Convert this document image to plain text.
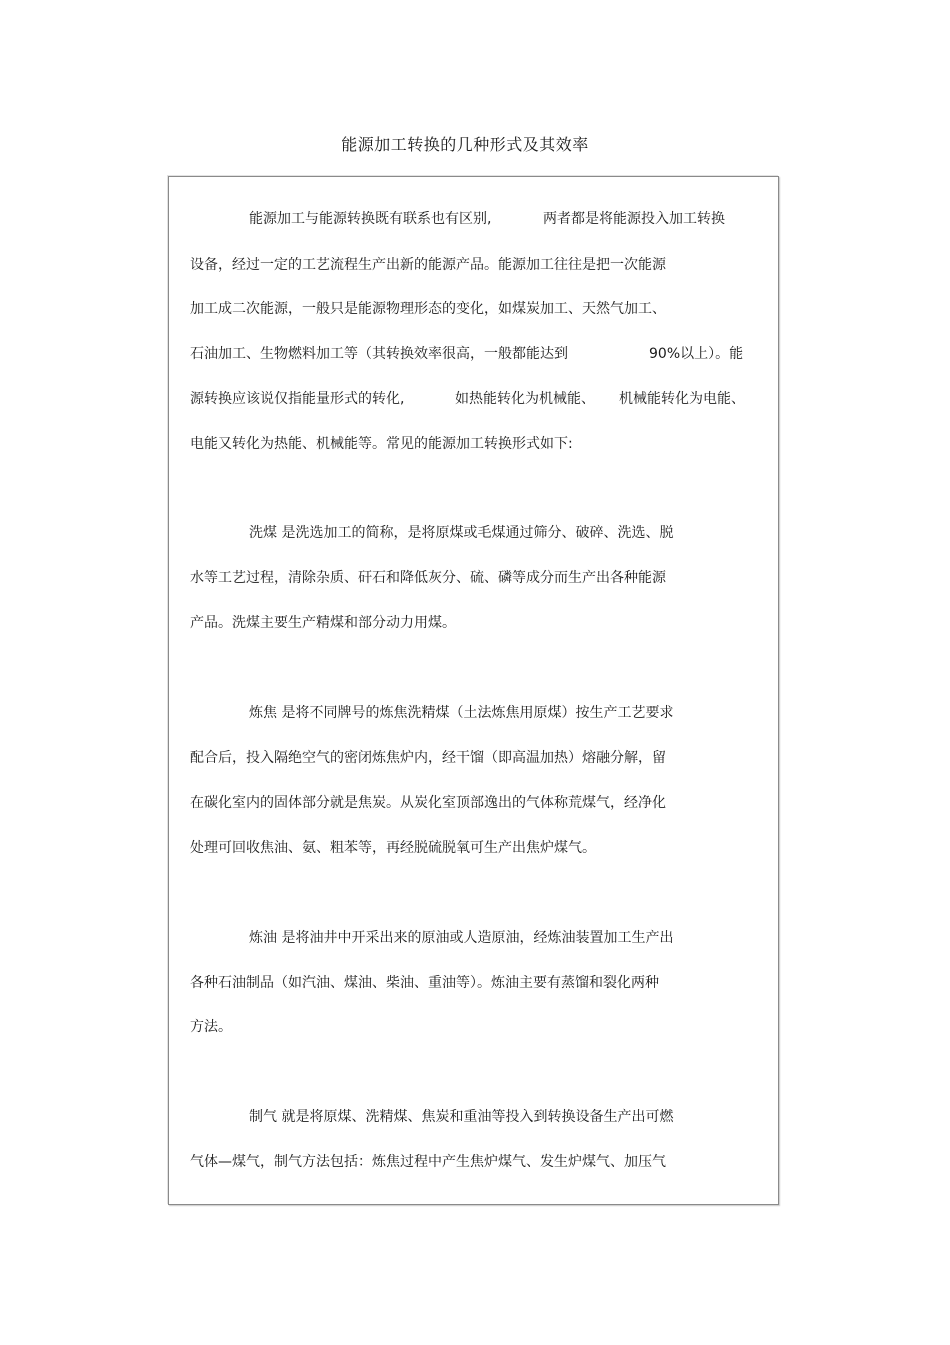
能源加工转换的几种形式及其效率
能源加工与能源转换既有联系也有区别,	两者都是将能源投入加工转换
设备，经过一定的工艺流程生产出新的能源产品。能源加工往往是把一次能源
加工成二次能源，一般只是能源物理形态的变化，如煤炭加工、天然气加工、
石油加工、生物燃料加工等（其转换效率很高，一般都能达到	90%以上）。能
源转换应该说仅指能量形式的转化,	如热能转化为机械能、 机械能转化为电能、
电能又转化为热能、机械能等。常见的能源加工转换形式如下:
洗煤 是洗选加工的简称，是将原煤或毛煤通过筛分、破碎、洗选、脱
水等工艺过程，清除杂质、矸石和降低灰分、硫、磷等成分而生产出各种能源
产品。洗煤主要生产精煤和部分动力用煤。
炼焦 是将不同牌号的炼焦洗精煤（土法炼焦用原煤）按生产工艺要求
配合后，投入隔绝空气的密闭炼焦炉内，经干馏（即高温加热）熔融分解，留
在碳化室内的固体部分就是焦炭。从炭化室顶部逸出的气体称荒煤气，经净化
处理可回收焦油、氨、粗苯等，再经脱硫脱氧可生产出焦炉煤气。
炼油 是将油井中开采出来的原油或人造原油，经炼油装置加工生产出
各种石油制品（如汽油、煤油、柴油、重油等）。炼油主要有蒸馏和裂化两种
方法。
制气 就是将原煤、洗精煤、焦炭和重油等投入到转换设备生产出可燃
气体—煤气，制气方法包括：炼焦过程中产生焦炉煤气、发生炉煤气、加压气
